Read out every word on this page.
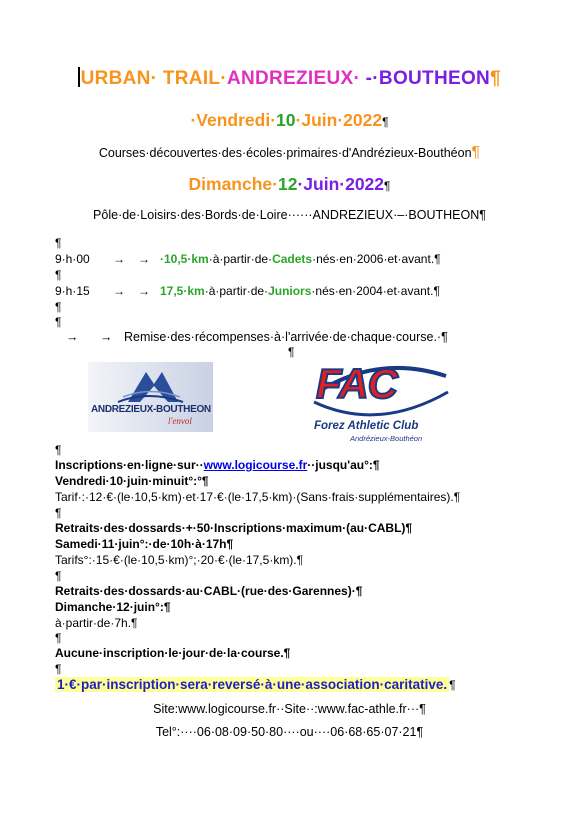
URBAN· TRAIL·ANDREZIEUX· -·BOUTHEON¶
·Vendredi·10·Juin·2022¶
Courses·découvertes·des·écoles·primaires·d'Andrézieux-Bouthéon¶
Dimanche·12·Juin·2022¶
Pôle·de·Loisirs·des·Bords·de·Loire······ANDREZIEUX·–·BOUTHEON¶
¶
9·h·00 → → ·10,5·km·à·partir·de·Cadets·nés·en·2006·et·avant.¶
¶
9·h·15 → → 17,5·km·à·partir·de·Juniors·nés·en·2004·et·avant.¶
¶
¶
→ → Remise·des·récompenses·à·l'arrivée·de·chaque·course.·¶
¶
ANDREZIEUX-BOUTHEON
l'envol
FAC
Forez Athletic Club
Andrézieux-Bouthéon
¶
Inscriptions·en·ligne·sur··www.logicourse.fr··jusqu'au°:¶
Vendredi·10·juin·minuit°:°¶
Tarif·:·12·€·(le·10,5·km)·et·17·€·(le·17,5·km)·(Sans·frais·supplémentaires).¶
¶
Retraits·des·dossards·+·50·Inscriptions·maximum·(au·CABL)¶
Samedi·11·juin°:·de·10h·à·17h¶
Tarifs°:·15·€·(le·10,5·km)°;·20·€·(le·17,5·km).¶
¶
Retraits·des·dossards·au·CABL·(rue·des·Garennes)·¶
Dimanche·12·juin°:¶
à·partir·de·7h.¶
¶
Aucune·inscription·le·jour·de·la·course.¶
¶
1·€·par·inscription·sera·reversé·à·une·association·caritative. ¶
Site:www.logicourse.fr··Site··:www.fac-athle.fr···¶
Tel°:····06·08·09·50·80····ou····06·68·65·07·21¶
